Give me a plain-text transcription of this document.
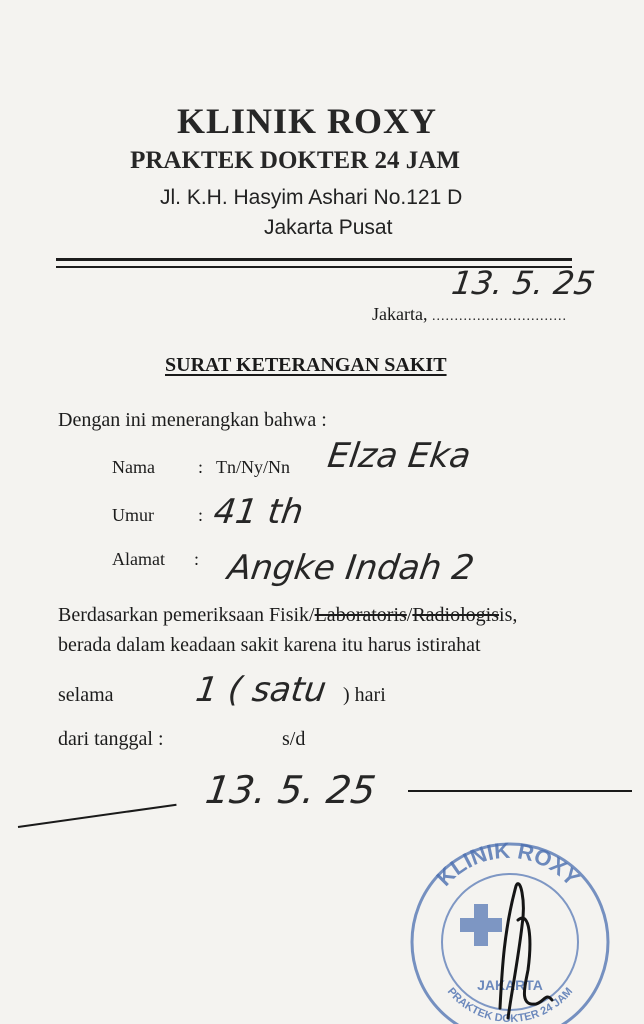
KLINIK ROXY
PRAKTEK DOKTER 24 JAM
Jl. K.H. Hasyim Ashari No.121 D
Jakarta Pusat
13. 5. 25
Jakarta, ..............................
SURAT KETERANGAN SAKIT
Dengan ini menerangkan bahwa :
Nama : Tn/Ny/Nn Elza Eka
Umur : 41 th
Alamat : Angke Indah 2
Berdasarkan pemeriksaan Fisik/Laboratoris/Radiologisis,
berada dalam keadaan sakit karena itu harus istirahat
selama 1 ( satu ) hari
dari tanggal :	s/d
13. 5. 25
KLINIK ROXY
PRAKTEK DOKTER 24 JAM
JAKARTA
